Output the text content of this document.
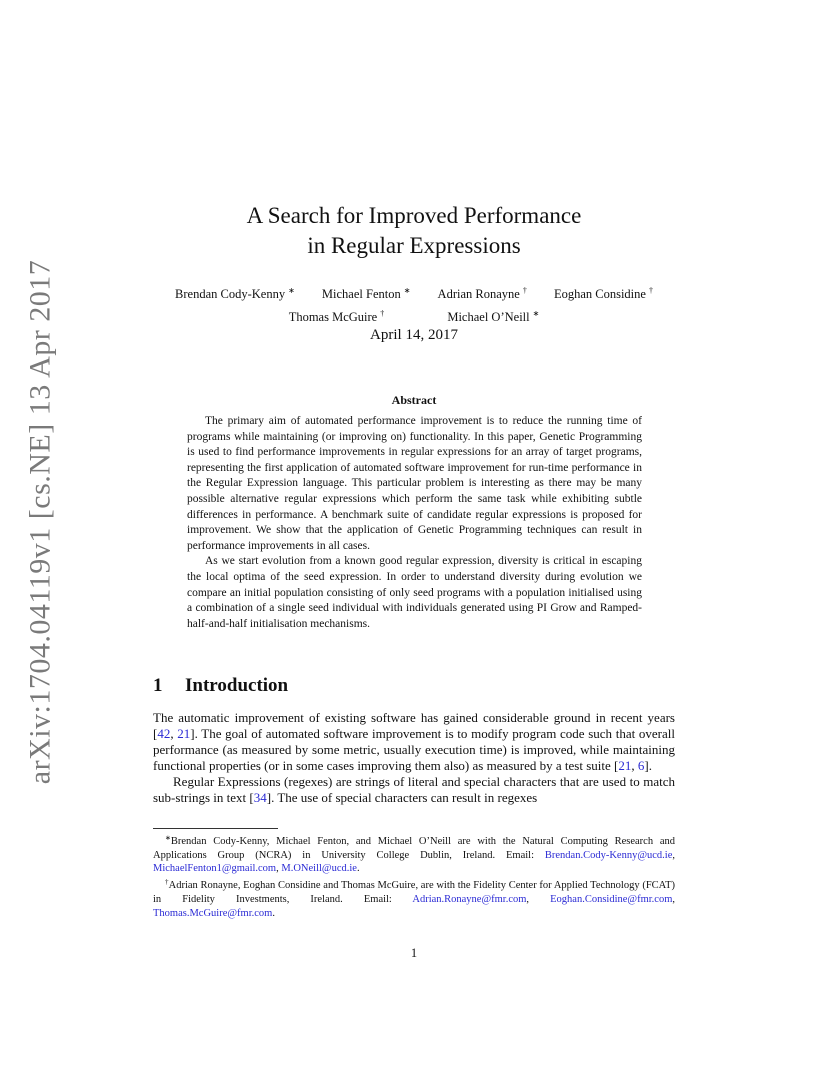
arXiv:1704.04119v1 [cs.NE] 13 Apr 2017
A Search for Improved Performance
in Regular Expressions
Brendan Cody-Kenny ∗ Michael Fenton ∗ Adrian Ronayne † Eoghan Considine †
Thomas McGuire †	Michael O’Neill ∗
April 14, 2017
Abstract

The primary aim of automated performance improvement is to reduce the running time of programs while maintaining (or improving on) functionality. In this paper, Genetic Programming is used to find performance improvements in regular expressions for an array of target programs, representing the first application of automated software improvement for run-time performance in the Regular Expression language. This particular problem is interesting as there may be many possible alternative regular expressions which perform the same task while exhibiting subtle differences in performance. A benchmark suite of candidate regular expressions is proposed for improvement. We show that the application of Genetic Programming techniques can result in performance improvements in all cases.

As we start evolution from a known good regular expression, diversity is critical in escaping the local optima of the seed expression. In order to understand diversity during evolution we compare an initial population consisting of only seed programs with a population initialised using a combination of a single seed individual with individuals generated using PI Grow and Ramped-half-and-half initialisation mechanisms.

1 Introduction

The automatic improvement of existing software has gained considerable ground in recent years [42, 21]. The goal of automated software improvement is to modify program code such that overall performance (as measured by some metric, usually execution time) is improved, while maintaining functional properties (or in some cases improving them also) as measured by a test suite [21, 6].

Regular Expressions (regexes) are strings of literal and special characters that are used to match sub-strings in text [34]. The use of special characters can result in regexes

∗Brendan Cody-Kenny, Michael Fenton, and Michael O’Neill are with the Natural Computing Research and Applications Group (NCRA) in University College Dublin, Ireland. Email: Brendan.Cody-Kenny@ucd.ie, MichaelFenton1@gmail.com, M.ONeill@ucd.ie.

†Adrian Ronayne, Eoghan Considine and Thomas McGuire, are with the Fidelity Center for Applied Technology (FCAT) in Fidelity Investments, Ireland. Email: Adrian.Ronayne@fmr.com, Eoghan.Considine@fmr.com, Thomas.McGuire@fmr.com.

1
